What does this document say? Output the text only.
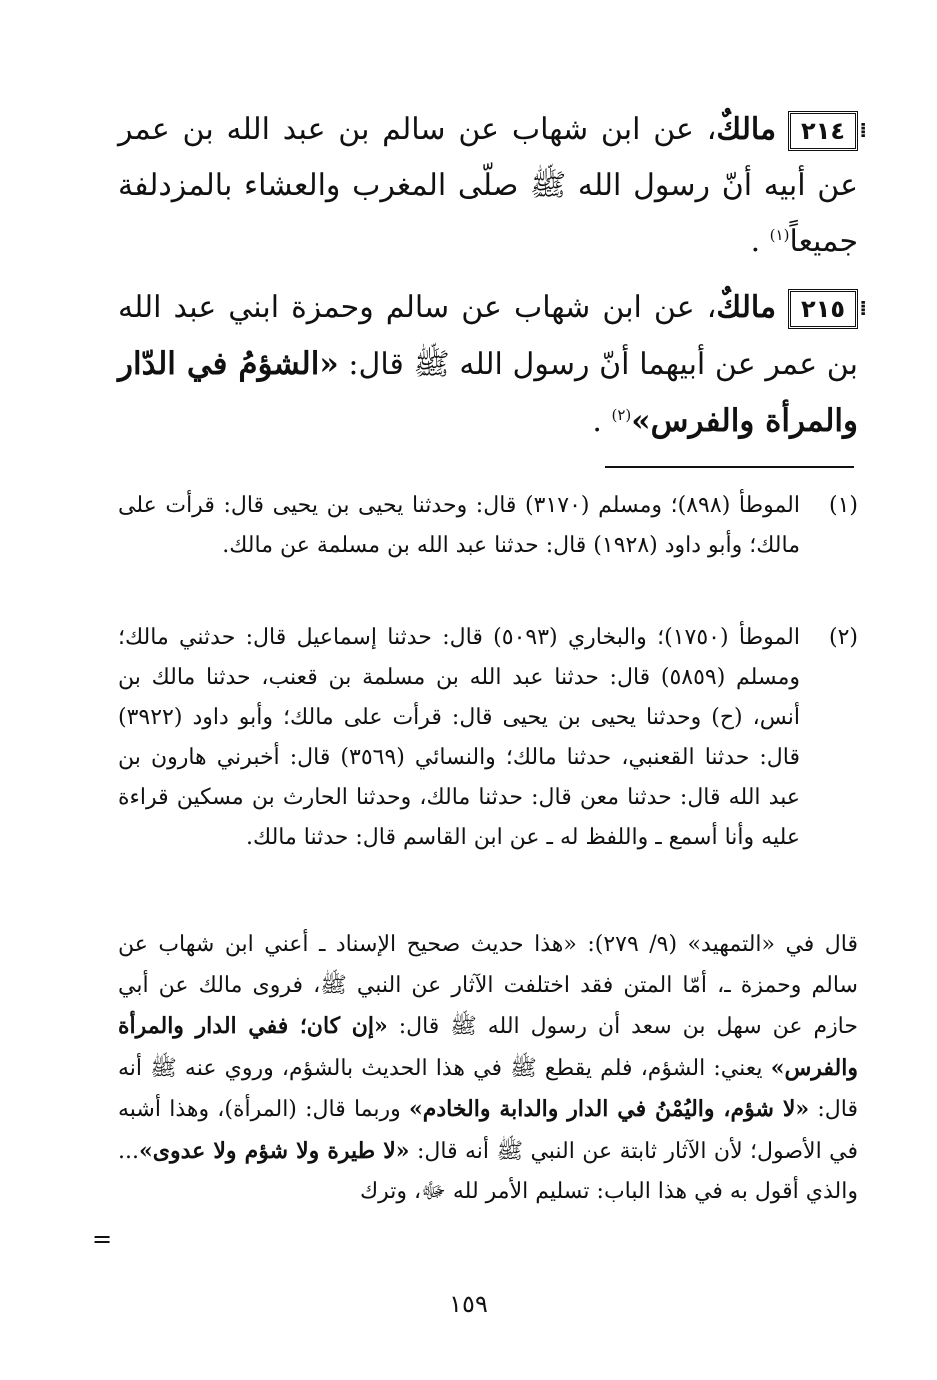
⁞
٢١٤مالكٌ، عن ابن شهاب عن سالم بن عبد الله بن عمر عن أبيه أنّ رسول الله ﷺ صلّى المغرب والعشاء بالمزدلفة جميعاً$^{(١)}$ .
⁞
٢١٥مالكٌ، عن ابن شهاب عن سالم وحمزة ابني عبد الله بن عمر عن أبيهما أنّ رسول الله ﷺ قال: «الشؤمُ في الدّار والمرأة والفرس»$^{(٢)}$ .
(١)
الموطأ (٨٩٨)؛ ومسلم (٣١٧٠) قال: وحدثنا يحيى بن يحيى قال: قرأت على مالك؛ وأبو داود (١٩٢٨) قال: حدثنا عبد الله بن مسلمة عن مالك.
(٢)
الموطأ (١٧٥٠)؛ والبخاري (٥٠٩٣) قال: حدثنا إسماعيل قال: حدثني مالك؛ ومسلم (٥٨٥٩) قال: حدثنا عبد الله بن مسلمة بن قعنب، حدثنا مالك بن أنس، (ح) وحدثنا يحيى بن يحيى قال: قرأت على مالك؛ وأبو داود (٣٩٢٢) قال: حدثنا القعنبي، حدثنا مالك؛ والنسائي (٣٥٦٩) قال: أخبرني هارون بن عبد الله قال: حدثنا معن قال: حدثنا مالك، وحدثنا الحارث بن مسكين قراءة عليه وأنا أسمع ـ واللفظ له ـ عن ابن القاسم قال: حدثنا مالك.
قال في «التمهيد» (٩/ ٢٧٩): «هذا حديث صحيح الإسناد ـ أعني ابن شهاب عن سالم وحمزة ـ، أمّا المتن فقد اختلفت الآثار عن النبي ﷺ، فروى مالك عن أبي حازم عن سهل بن سعد أن رسول الله ﷺ قال: «إن كان؛ ففي الدار والمرأة والفرس» يعني: الشؤم، فلم يقطع ﷺ في هذا الحديث بالشؤم، وروي عنه ﷺ أنه قال: «لا شؤم، واليُمْنُ في الدار والدابة والخادم» وربما قال: (المرأة)، وهذا أشبه في الأصول؛ لأن الآثار ثابتة عن النبي ﷺ أنه قال: «لا طيرة ولا شؤم ولا عدوى»... والذي أقول به في هذا الباب: تسليم الأمر لله ﷻ، وترك
=
١٥٩
